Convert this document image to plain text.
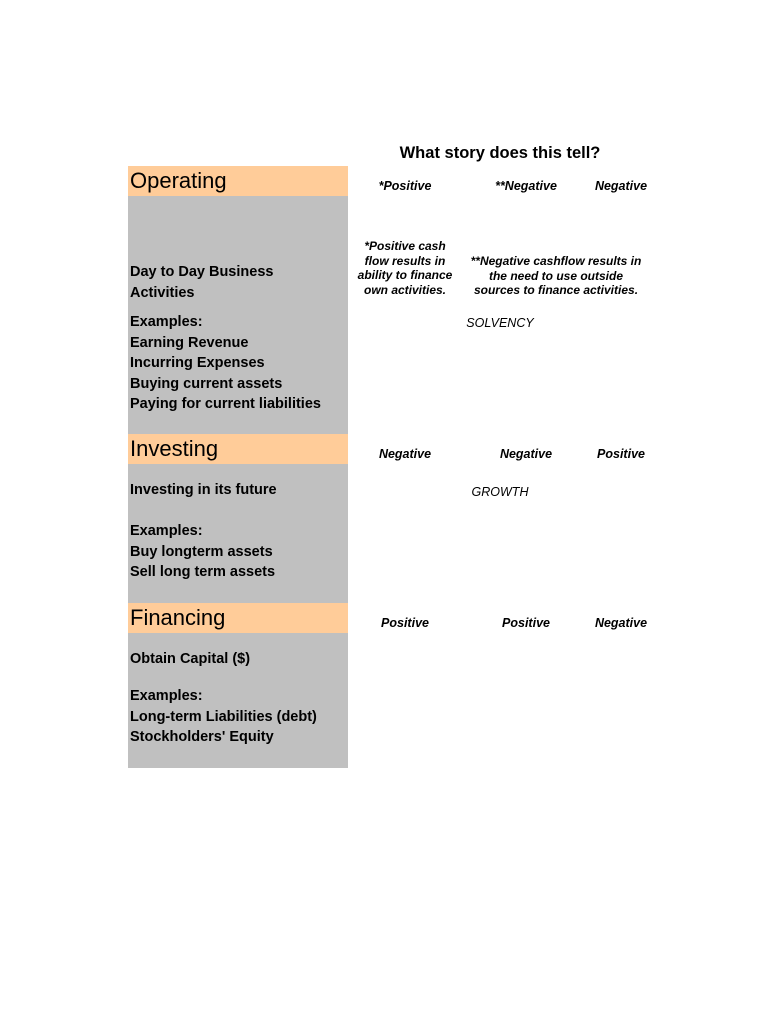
What story does this tell?
Operating
Day to Day Business
Activities
Examples:
Earning Revenue
Incurring Expenses
Buying current assets
Paying for current liabilities
*Positive	**Negative	Negative
*Positive cash
flow results in
ability to finance
own activities.
**Negative cashflow results in
the need to use outside
sources to finance activities.
SOLVENCY
Investing
Investing in its future
Examples:
Buy longterm assets
Sell long term assets
Negative	Negative	Positive
GROWTH
Financing
Obtain Capital ($)
Examples:
Long-term Liabilities (debt)
Stockholders' Equity
Positive	Positive	Negative
